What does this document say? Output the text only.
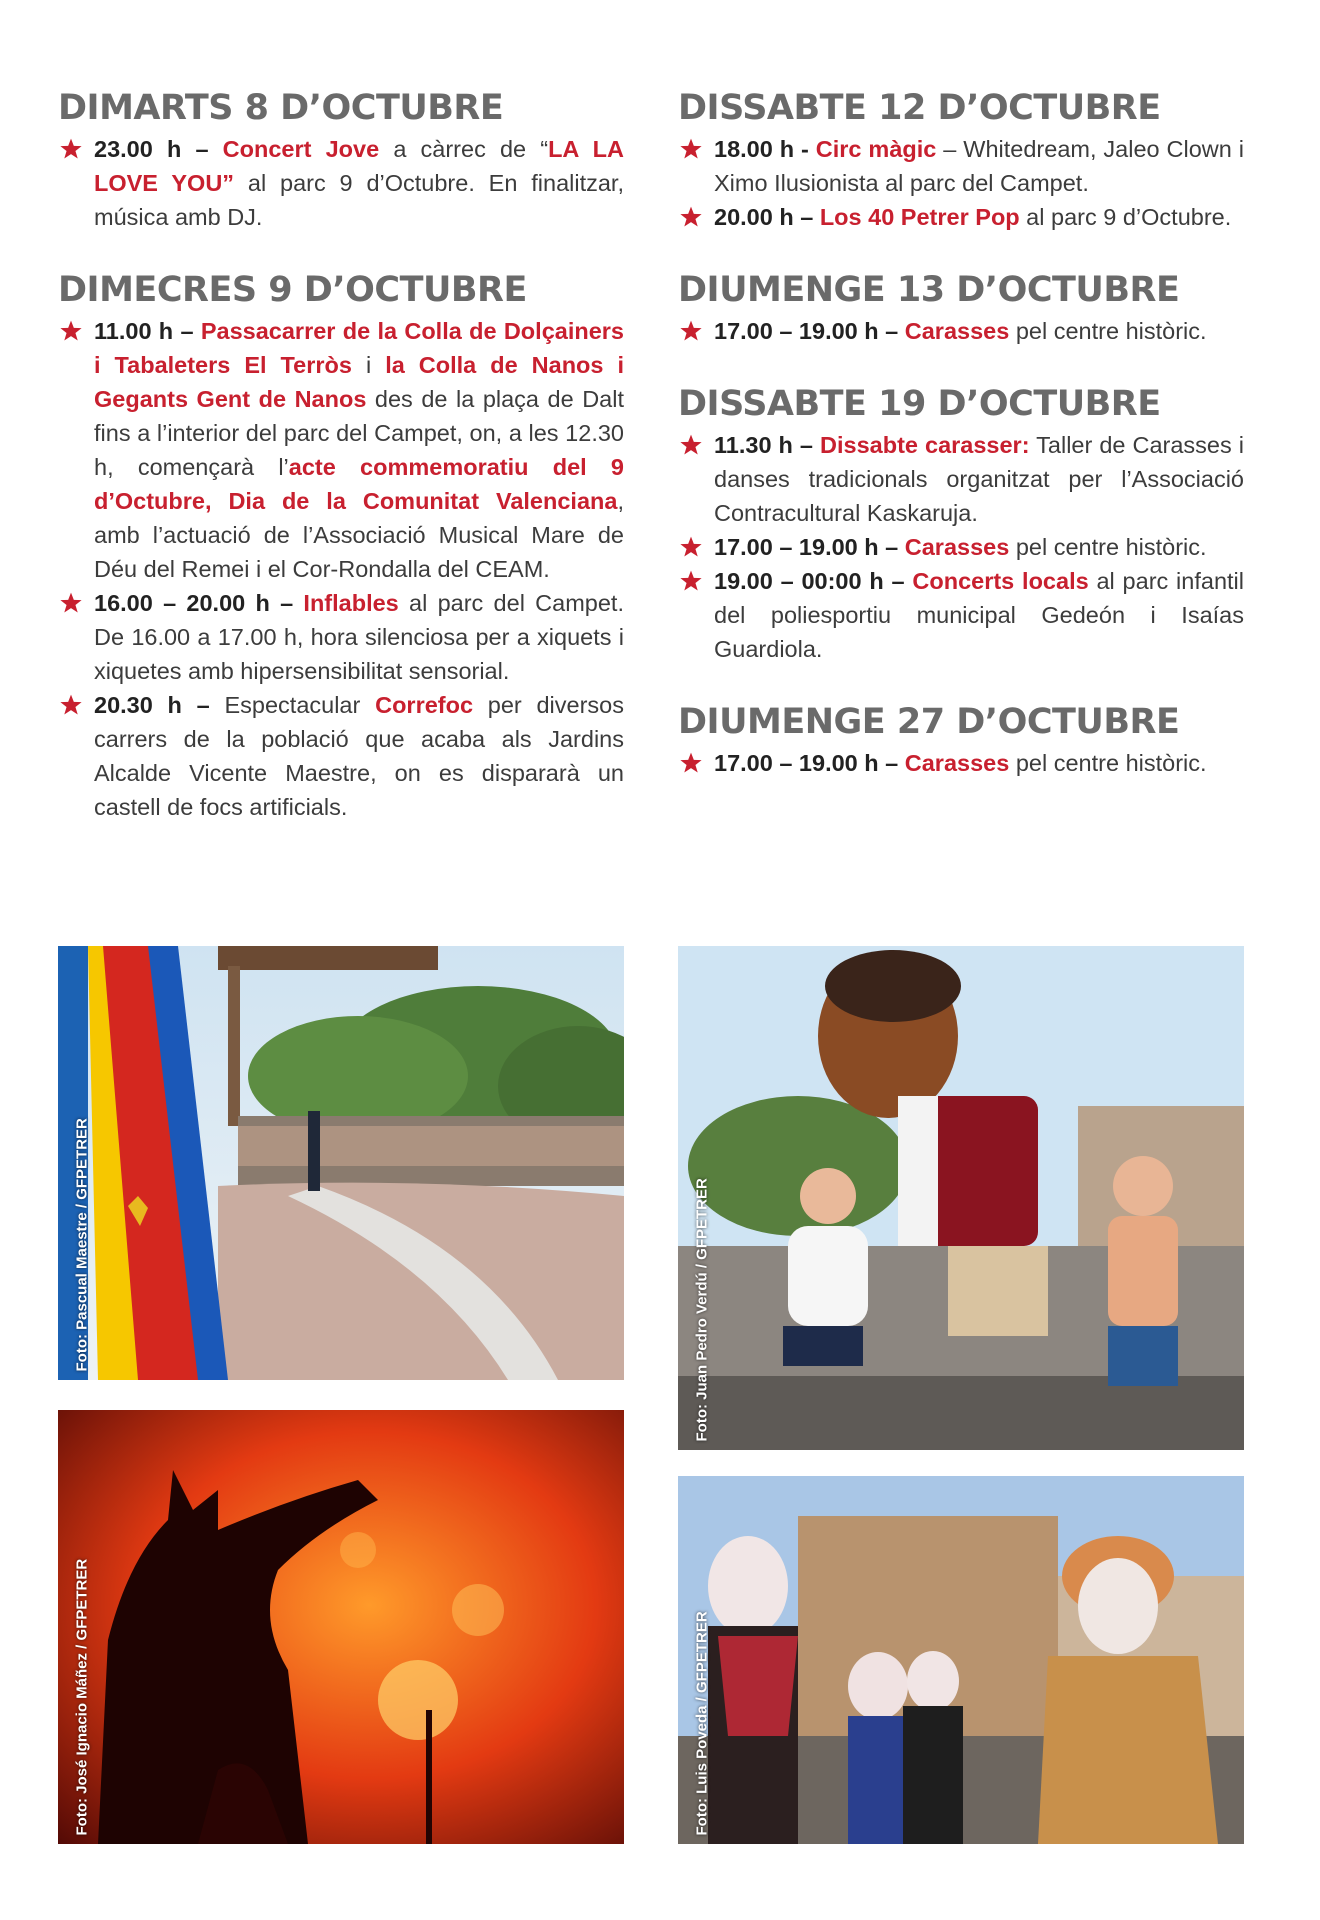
DIMARTS 8 D’OCTUBRE

23.00 h – Concert Jove a càrrec de “LA LA LOVE YOU” al parc 9 d’Octubre. En finalitzar, música amb DJ.

DIMECRES 9 D’OCTUBRE

11.00 h – Passacarrer de la Colla de Dolçainers i Tabaleters El Terròs i la Colla de Nanos i Gegants Gent de Nanos des de la plaça de Dalt fins a l’interior del parc del Campet, on, a les 12.30 h, començarà l’acte commemoratiu del 9 d’Octubre, Dia de la Comunitat Valenciana, amb l’actuació de l’Associació Musical Mare de Déu del Remei i el Cor-Rondalla del CEAM.

16.00 – 20.00 h – Inflables al parc del Campet. De 16.00 a 17.00 h, hora silenciosa per a xiquets i xiquetes amb hipersensibilitat sensorial.

20.30 h – Espectacular Correfoc per diversos carrers de la població que acaba als Jardins Alcalde Vicente Maestre, on es dispararà un castell de focs artificials.

DISSABTE 12 D’OCTUBRE

18.00 h - Circ màgic – Whitedream, Jaleo Clown i Ximo Ilusionista al parc del Campet.

20.00 h – Los 40 Petrer Pop al parc 9 d’Octubre.

DIUMENGE 13 D’OCTUBRE

17.00 – 19.00 h – Carasses pel centre històric.

DISSABTE 19 D’OCTUBRE

11.30 h – Dissabte carasser: Taller de Carasses i danses tradicionals organitzat per l’Associació Contracultural Kaskaruja.

17.00 – 19.00 h – Carasses pel centre històric.

19.00 – 00:00 h – Concerts locals al parc infantil del poliesportiu municipal Gedeón i Isaías Guardiola.

DIUMENGE 27 D’OCTUBRE

17.00 – 19.00 h – Carasses pel centre històric.

Foto: Pascual Maestre / GFPETRER
Foto: José Ignacio Máñez / GFPETRER
Foto: Juan Pedro Verdú / GFPETRER
Foto: Luis Poveda / GFPETRER
